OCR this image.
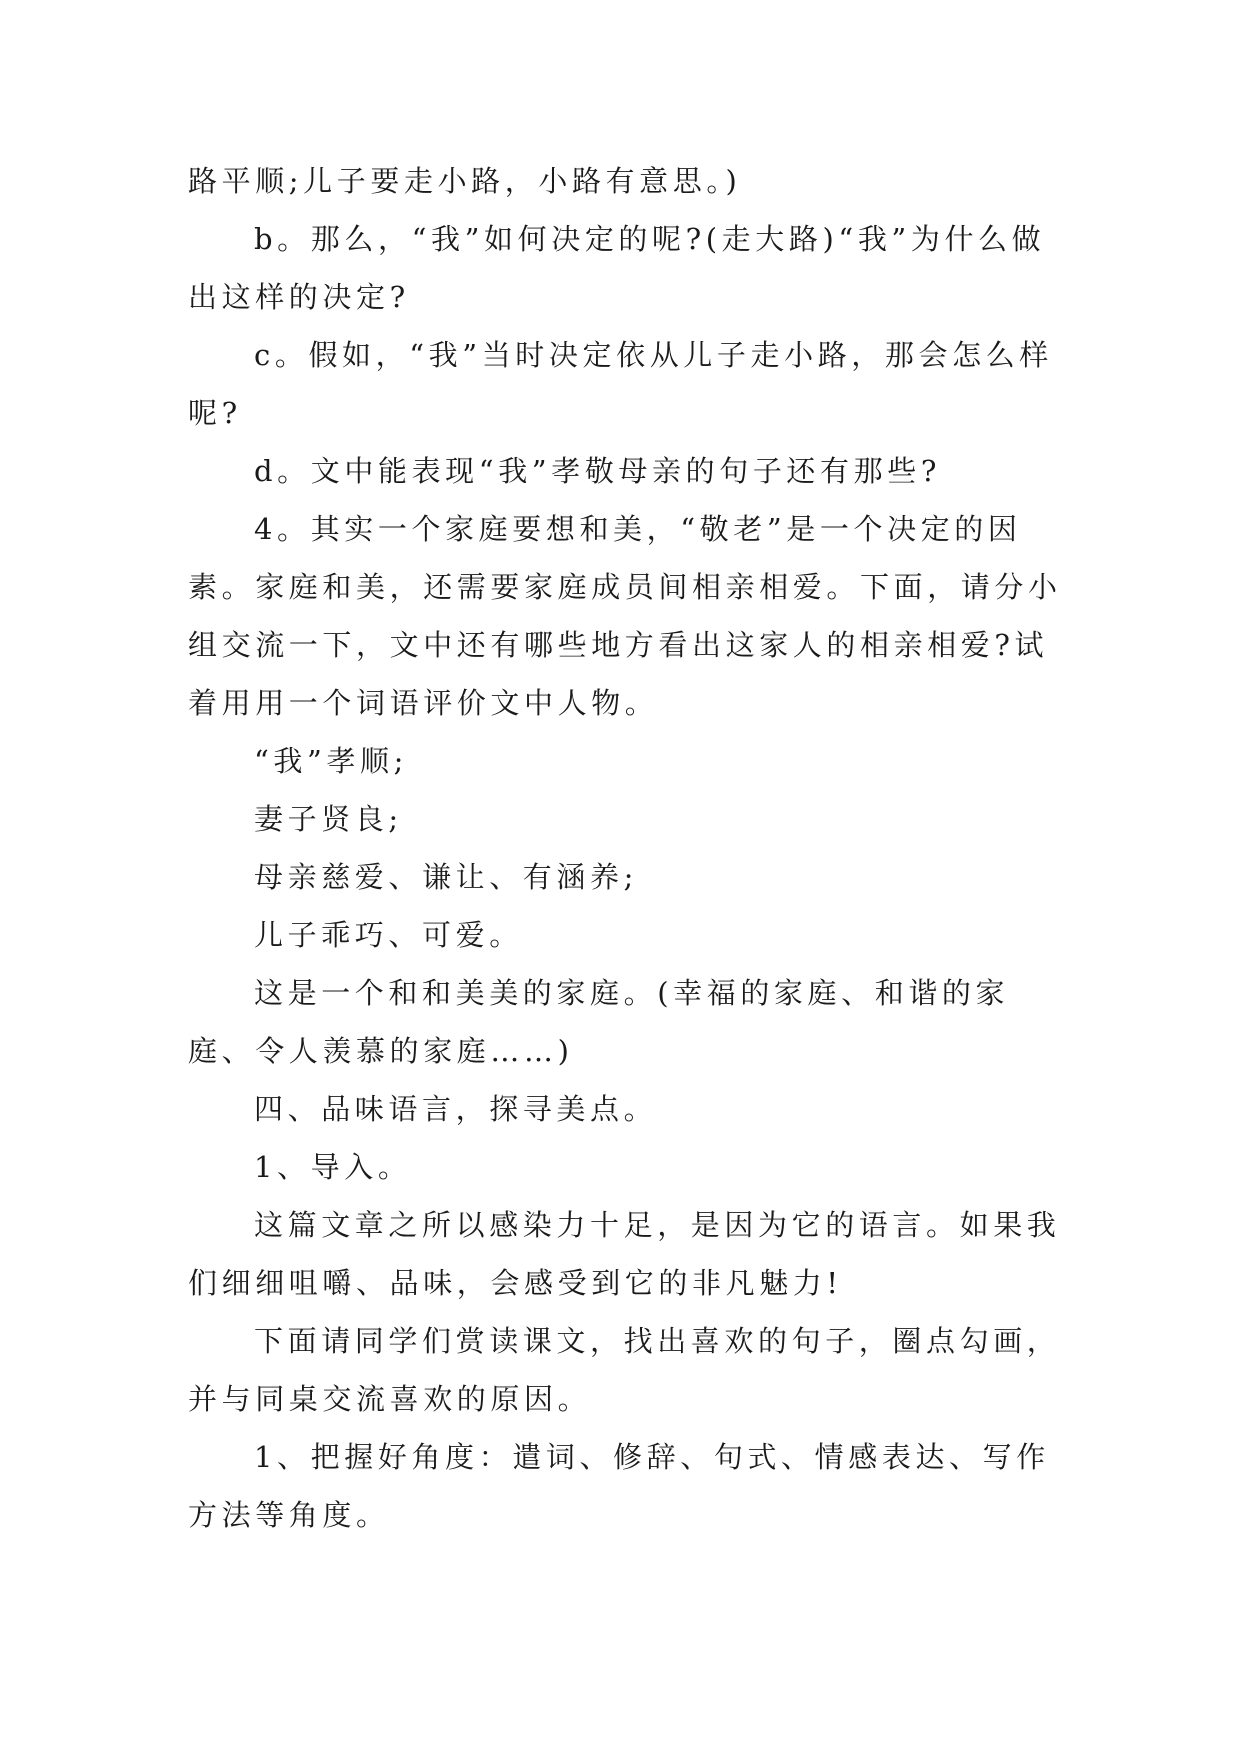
路平顺;儿子要走小路，小路有意思。)

b。那么，“我”如何决定的呢?(走大路)“我”为什么做出这样的决定?

c。假如，“我”当时决定依从儿子走小路，那会怎么样呢?

d。文中能表现“我”孝敬母亲的句子还有那些?

4。其实一个家庭要想和美，“敬老”是一个决定的因素。家庭和美，还需要家庭成员间相亲相爱。下面，请分小组交流一下，文中还有哪些地方看出这家人的相亲相爱?试着用用一个词语评价文中人物。

“我”孝顺;

妻子贤良;

母亲慈爱、谦让、有涵养;

儿子乖巧、可爱。

这是一个和和美美的家庭。(幸福的家庭、和谐的家庭、令人羡慕的家庭……)

四、品味语言，探寻美点。

1、导入。

这篇文章之所以感染力十足，是因为它的语言。如果我们细细咀嚼、品味，会感受到它的非凡魅力!

下面请同学们赏读课文，找出喜欢的句子，圈点勾画，并与同桌交流喜欢的原因。

1、把握好角度：遣词、修辞、句式、情感表达、写作方法等角度。
